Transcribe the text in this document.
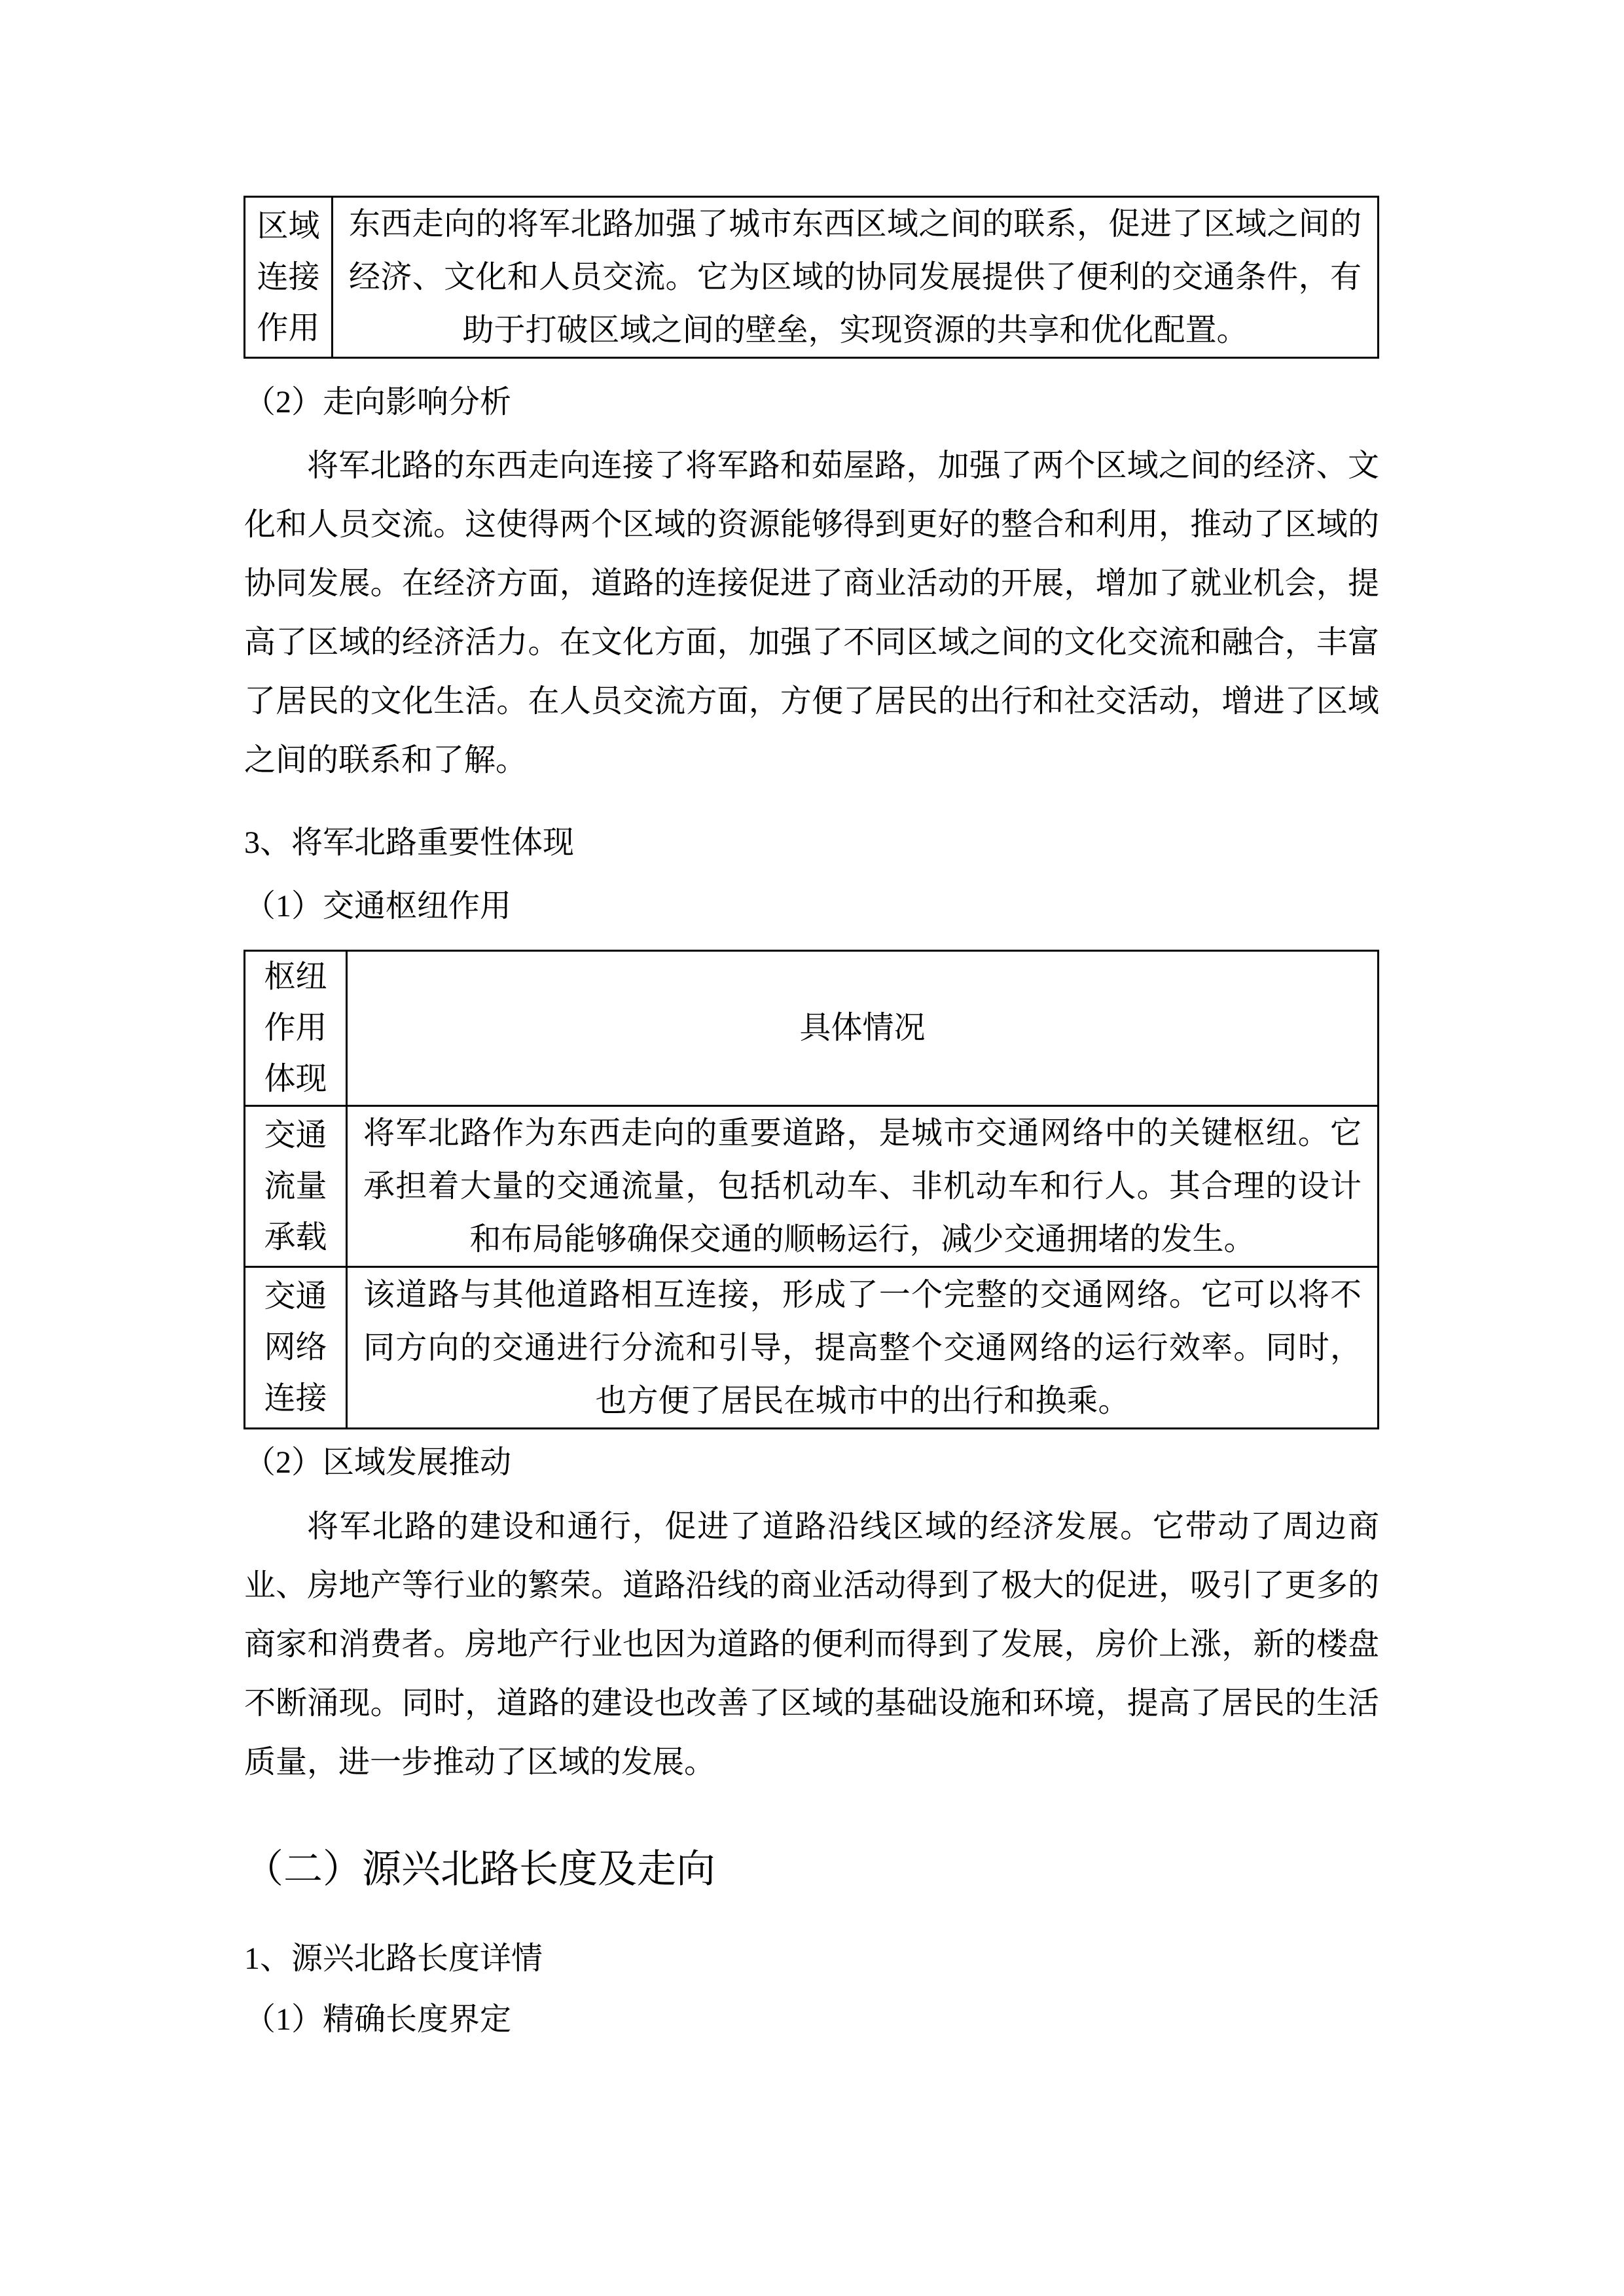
区域连接作用	东西走向的将军北路加强了城市东西区域之间的联系，促进了区域之间的经济、文化和人员交流。它为区域的协同发展提供了便利的交通条件，有助于打破区域之间的壁垒，实现资源的共享和优化配置。
（2）走向影响分析

将军北路的东西走向连接了将军路和茹屋路，加强了两个区域之间的经济、文化和人员交流。这使得两个区域的资源能够得到更好的整合和利用，推动了区域的协同发展。在经济方面，道路的连接促进了商业活动的开展，增加了就业机会，提高了区域的经济活力。在文化方面，加强了不同区域之间的文化交流和融合，丰富了居民的文化生活。在人员交流方面，方便了居民的出行和社交活动，增进了区域之间的联系和了解。

3、将军北路重要性体现
（1）交通枢纽作用
枢纽作用体现	具体情况
交通流量承载	将军北路作为东西走向的重要道路，是城市交通网络中的关键枢纽。它承担着大量的交通流量，包括机动车、非机动车和行人。其合理的设计和布局能够确保交通的顺畅运行，减少交通拥堵的发生。
交通网络连接	该道路与其他道路相互连接，形成了一个完整的交通网络。它可以将不同方向的交通进行分流和引导，提高整个交通网络的运行效率。同时，也方便了居民在城市中的出行和换乘。
（2）区域发展推动

将军北路的建设和通行，促进了道路沿线区域的经济发展。它带动了周边商业、房地产等行业的繁荣。道路沿线的商业活动得到了极大的促进，吸引了更多的商家和消费者。房地产行业也因为道路的便利而得到了发展，房价上涨，新的楼盘不断涌现。同时，道路的建设也改善了区域的基础设施和环境，提高了居民的生活质量，进一步推动了区域的发展。

（二）源兴北路长度及走向
1、源兴北路长度详情
（1）精确长度界定
